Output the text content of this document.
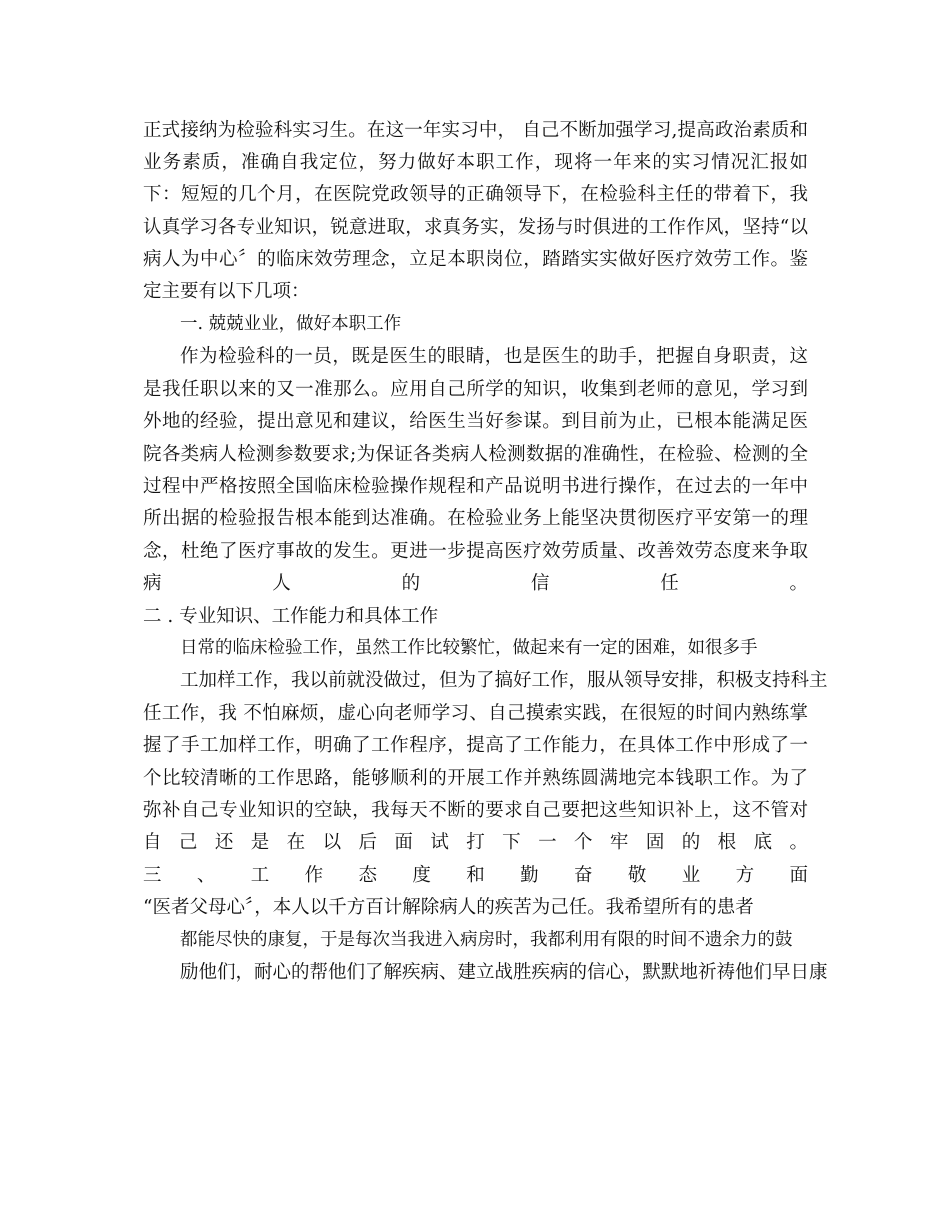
正式接纳为检验科实习生。在这一年实习中， 自己不断加强学习,提高政治素质和
业务素质，准确自我定位，努力做好本职工作，现将一年来的实习情况汇报如
下：短短的几个月，在医院党政领导的正确领导下，在检验科主任的带着下，我
认真学习各专业知识，锐意进取，求真务实，发扬与时俱进的工作作风，坚持“以
病人为中心〞的临床效劳理念，立足本职岗位，踏踏实实做好医疗效劳工作。鉴
定主要有以下几项：
一. 兢兢业业，做好本职工作
作为检验科的一员，既是医生的眼睛，也是医生的助手，把握自身职责，这
是我任职以来的又一准那么。应用自己所学的知识，收集到老师的意见，学习到
外地的经验，提出意见和建议，给医生当好参谋。到目前为止，已根本能满足医
院各类病人检测参数要求;为保证各类病人检测数据的准确性，在检验、检测的全
过程中严格按照全国临床检验操作规程和产品说明书进行操作，在过去的一年中
所出据的检验报告根本能到达准确。在检验业务上能坚决贯彻医疗平安第一的理
念，杜绝了医疗事故的发生。更进一步提高医疗效劳质量、改善效劳态度来争取
病人的信任。
二 . 专业知识、工作能力和具体工作
日常的临床检验工作，虽然工作比较繁忙，做起来有一定的困难，如很多手
工加样工作，我以前就没做过，但为了搞好工作，服从领导安排，积极支持科主
任工作，我 不怕麻烦，虚心向老师学习、自己摸索实践，在很短的时间内熟练掌
握了手工加样工作，明确了工作程序，提高了工作能力，在具体工作中形成了一
个比较清晰的工作思路，能够顺利的开展工作并熟练圆满地完本钱职工作。为了
弥补自己专业知识的空缺，我每天不断的要求自己要把这些知识补上，这不管对
自己还是在以后面试打下一个牢固的根底。
三、工作态度和勤奋敬业方面
“医者父母心〞，本人以千方百计解除病人的疾苦为己任。我希望所有的患者
都能尽快的康复，于是每次当我进入病房时，我都利用有限的时间不遗余力的鼓
励他们，耐心的帮他们了解疾病、建立战胜疾病的信心，默默地祈祷他们早日康
